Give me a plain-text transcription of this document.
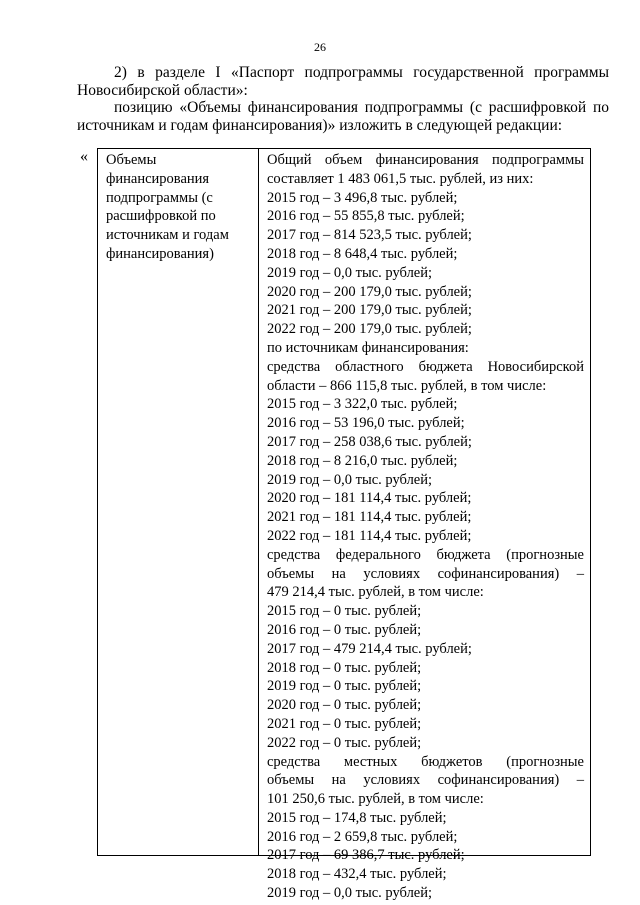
26
2) в разделе I «Паспорт подпрограммы государственной программы
Новосибирской области»:
позицию «Объемы финансирования подпрограммы (с расшифровкой по
источникам и годам финансирования)» изложить в следующей редакции:
« Объемы
финансирования
подпрограммы (с
расшифровкой по
источникам и годам
финансирования)
Общий объем финансирования подпрограммы
составляет 1 483 061,5 тыс. рублей, из них:
2015 год – 3 496,8 тыс. рублей;
2016 год – 55 855,8 тыс. рублей;
2017 год – 814 523,5 тыс. рублей;
2018 год – 8 648,4 тыс. рублей;
2019 год – 0,0 тыс. рублей;
2020 год – 200 179,0 тыс. рублей;
2021 год – 200 179,0 тыс. рублей;
2022 год – 200 179,0 тыс. рублей;
по источникам финансирования:
средства областного бюджета Новосибирской
области – 866 115,8 тыс. рублей, в том числе:
2015 год – 3 322,0 тыс. рублей;
2016 год – 53 196,0 тыс. рублей;
2017 год – 258 038,6 тыс. рублей;
2018 год – 8 216,0 тыс. рублей;
2019 год – 0,0 тыс. рублей;
2020 год – 181 114,4 тыс. рублей;
2021 год – 181 114,4 тыс. рублей;
2022 год – 181 114,4 тыс. рублей;
средства федерального бюджета (прогнозные
объемы на условиях софинансирования) –
479 214,4 тыс. рублей, в том числе:
2015 год – 0 тыс. рублей;
2016 год – 0 тыс. рублей;
2017 год – 479 214,4 тыс. рублей;
2018 год – 0 тыс. рублей;
2019 год – 0 тыс. рублей;
2020 год – 0 тыс. рублей;
2021 год – 0 тыс. рублей;
2022 год – 0 тыс. рублей;
средства местных бюджетов (прогнозные
объемы на условиях софинансирования) –
101 250,6 тыс. рублей, в том числе:
2015 год – 174,8 тыс. рублей;
2016 год – 2 659,8 тыс. рублей;
2017 год – 69 386,7 тыс. рублей;
2018 год – 432,4 тыс. рублей;
2019 год – 0,0 тыс. рублей;
